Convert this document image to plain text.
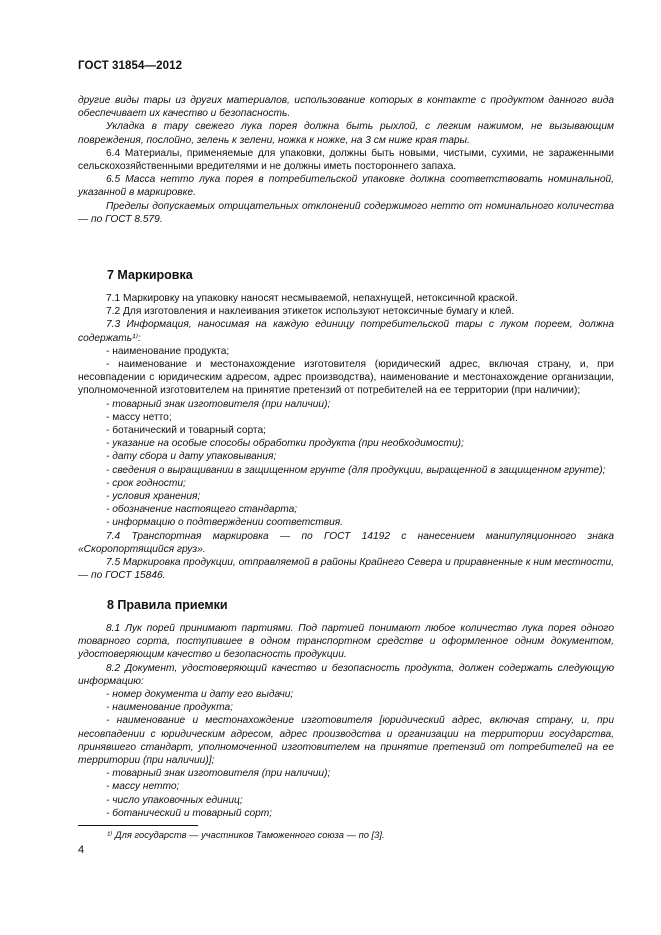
ГОСТ 31854—2012

другие виды тары из других материалов, использование которых в контакте с продуктом данного вида обеспечивает их качество и безопасность.

Укладка в тару свежего лука порея должна быть рыхлой, с легким нажимом, не вызывающим повреждения, послойно, зелень к зелени, ножка к ножке, на 3 см ниже края тары.

6.4 Материалы, применяемые для упаковки, должны быть новыми, чистыми, сухими, не зараженными сельскохозяйственными вредителями и не должны иметь постороннего запаха.

6.5 Масса нетто лука порея в потребительской упаковке должна соответствовать номинальной, указанной в маркировке.

Пределы допускаемых отрицательных отклонений содержимого нетто от номинального количества — по ГОСТ 8.579.

7 Маркировка

7.1 Маркировку на упаковку наносят несмываемой, непахнущей, нетоксичной краской.

7.2 Для изготовления и наклеивания этикеток используют нетоксичные бумагу и клей.

7.3 Информация, наносимая на каждую единицу потребительской тары с луком пореем, должна содержать¹⁾:

- наименование продукта;

- наименование и местонахождение изготовителя (юридический адрес, включая страну, и, при несовпадении с юридическим адресом, адрес производства), наименование и местонахождение организации, уполномоченной изготовителем на принятие претензий от потребителей на ее территории (при наличии);

- товарный знак изготовителя (при наличии);

- массу нетто;

- ботанический и товарный сорта;

- указание на особые способы обработки продукта (при необходимости);

- дату сбора и дату упаковывания;

- сведения о выращивании в защищенном грунте (для продукции, выращенной в защищенном грунте);

- срок годности;

- условия хранения;

- обозначение настоящего стандарта;

- информацию о подтверждении соответствия.

7.4 Транспортная маркировка — по ГОСТ 14192 с нанесением манипуляционного знака «Скоропортящийся груз».

7.5 Маркировка продукции, отправляемой в районы Крайнего Севера и приравненные к ним местности, — по ГОСТ 15846.

8 Правила приемки

8.1 Лук порей принимают партиями. Под партией понимают любое количество лука порея одного товарного сорта, поступившее в одном транспортном средстве и оформленное одним документом, удостоверяющим качество и безопасность продукции.

8.2 Документ, удостоверяющий качество и безопасность продукта, должен содержать следующую информацию:

- номер документа и дату его выдачи;

- наименование продукта;

- наименование и местонахождение изготовителя [юридический адрес, включая страну, и, при несовпадении с юридическим адресом, адрес производства и организации на территории государства, принявшего стандарт, уполномоченной изготовителем на принятие претензий от потребителей на ее территории (при наличии)];

- товарный знак изготовителя (при наличии);

- массу нетто;

- число упаковочных единиц;

- ботанический и товарный сорт;

¹⁾ Для государств — участников Таможенного союза — по [3].
4
